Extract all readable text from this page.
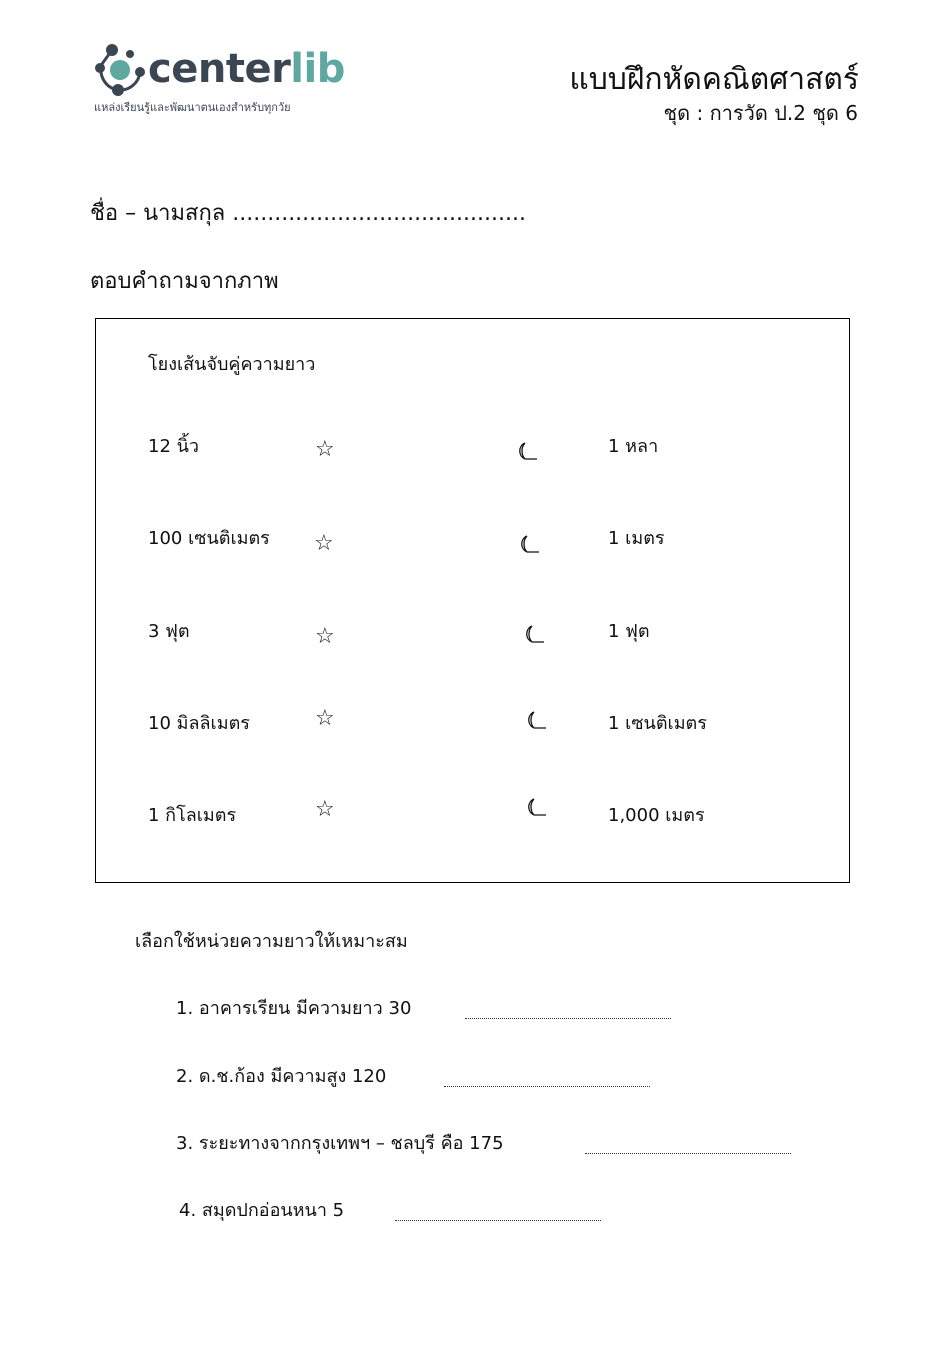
centerlib
แหล่งเรียนรู้และพัฒนาตนเองสำหรับทุกวัย
แบบฝึกหัดคณิตศาสตร์
ชุด : การวัด ป.2 ชุด 6
ชื่อ – นามสกุล ..........................................
ตอบคำถามจากภาพ
โยงเส้นจับคู่ความยาว
12 นิ้ว
100 เซนติเมตร
3 ฟุต
10 มิลลิเมตร
1 กิโลเมตร
☆
☆
☆
☆
☆
1 หลา
1 เมตร
1 ฟุต
1 เซนติเมตร
1,000 เมตร
เลือกใช้หน่วยความยาวให้เหมาะสม
1. อาคารเรียน มีความยาว 30
2. ด.ช.ก้อง มีความสูง 120
3. ระยะทางจากกรุงเทพฯ – ชลบุรี คือ 175
4. สมุดปกอ่อนหนา 5
